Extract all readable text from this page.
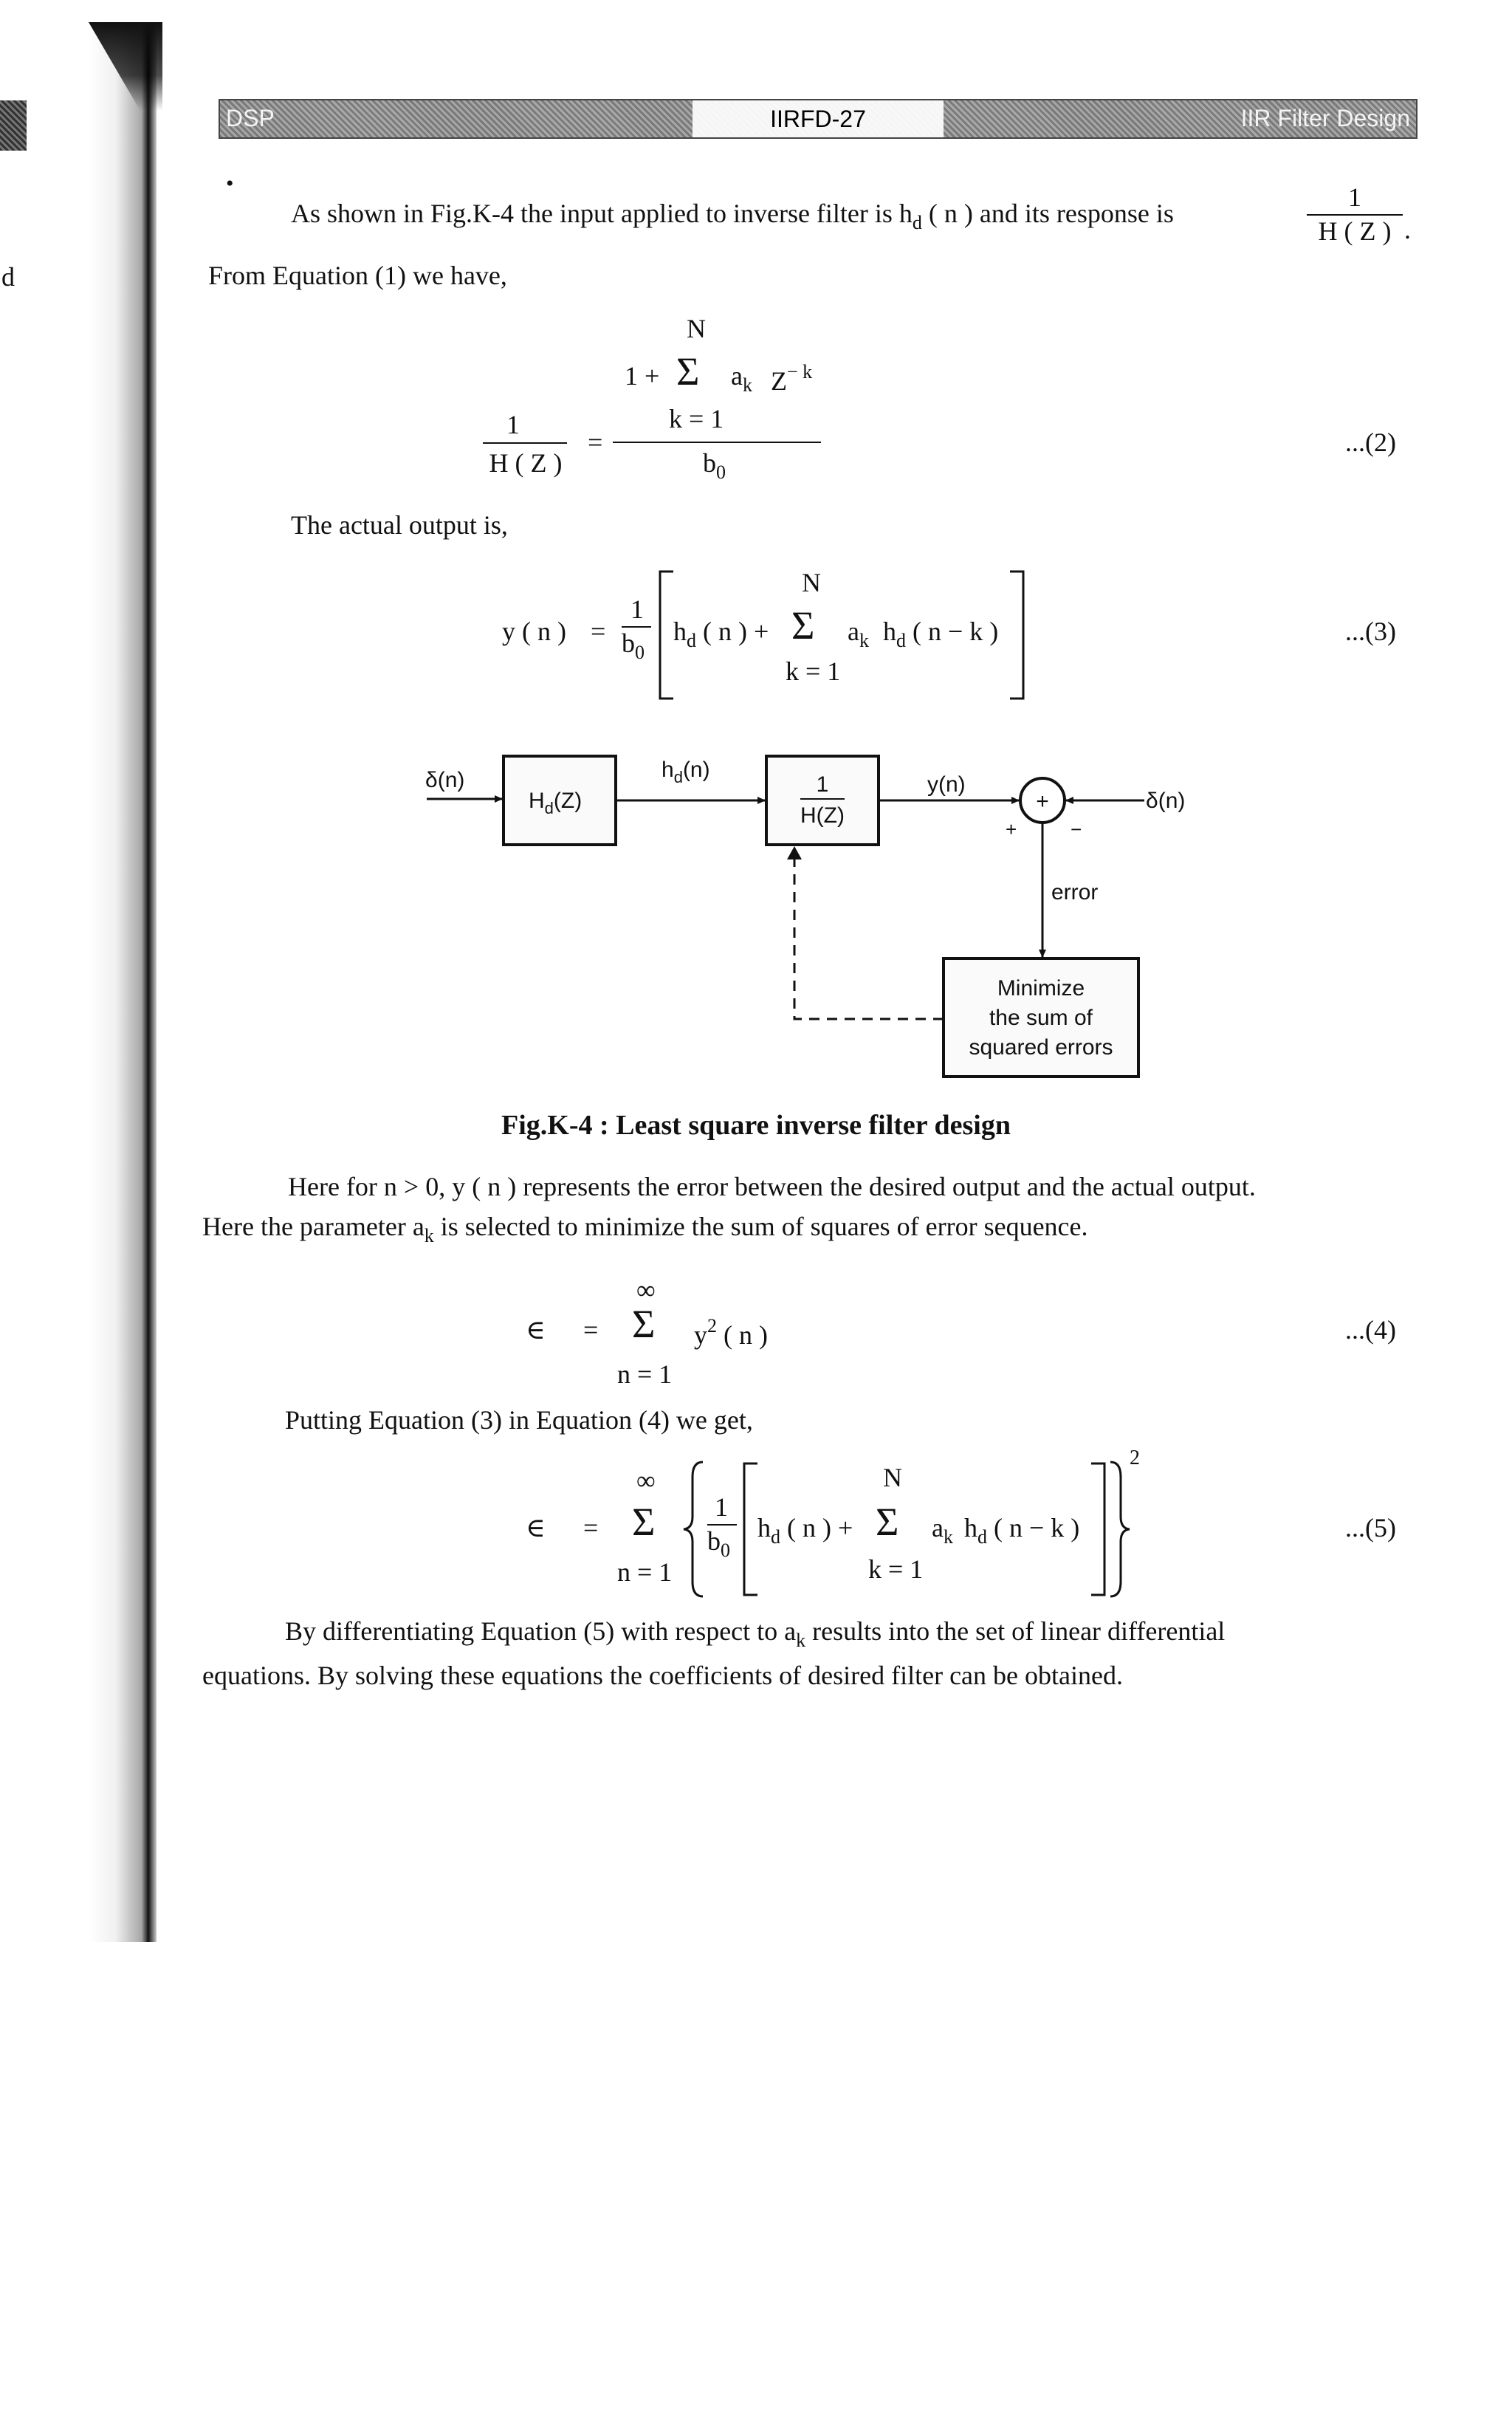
d
DSP	IIRFD-27	IIR Filter Design
•
As shown in Fig.K-4 the input applied to inverse filter is $h_d$ ( n ) and its response is
1
H ( Z ) .
From Equation (1) we have,
1
H ( Z )
=
N
1 + Σ $a_k$ $Z^{- k}$
k = 1
$b_0$
...(2)
The actual output is,
y ( n ) =
1
$b_0$
$h_d$ ( n ) +
N
Σ
k = 1
$a_k$ $h_d$ ( n − k )	...(3)
δ(n)
$H_d(Z)$
$h_d(n)$
1
H(Z)
y(n)
+
+	−
δ(n)
error
Minimize
the sum of
squared errors
Fig.K-4 : Least square inverse filter design
Here for n > 0, y ( n ) represents the error between the desired output and the actual output.
Here the parameter $a_k$ is selected to minimize the sum of squares of error sequence.
∞
∈ = Σ $y^2$ ( n )
n = 1
...(4)
Putting Equation (3) in Equation (4) we get,
∞
∈ = Σ
n = 1
1
$b_0$
$h_d$ ( n ) +
N
Σ
k = 1
$a_k$ $h_d$ ( n − k )
2
...(5)
By differentiating Equation (5) with respect to $a_k$ results into the set of linear differential
equations. By solving these equations the coefficients of desired filter can be obtained.
